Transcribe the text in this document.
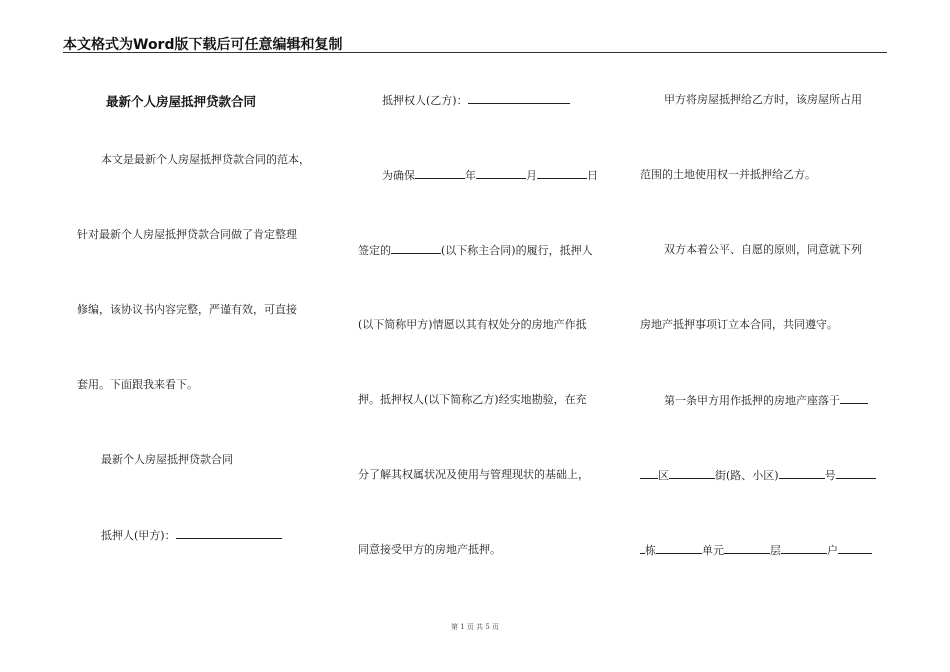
本文格式为Word版下载后可任意编辑和复制
最新个人房屋抵押贷款合同
本文是最新个人房屋抵押贷款合同的范本，
针对最新个人房屋抵押贷款合同做了肯定整理
修编，该协议书内容完整，严谨有效，可直接
套用。下面跟我来看下。
最新个人房屋抵押贷款合同
抵押人(甲方)：
抵押权人(乙方)：
为确保	年	月	日
签定的	(以下称主合同)的履行，抵押人
(以下简称甲方)情愿以其有权处分的房地产作抵
押。抵押权人(以下简称乙方)经实地勘验，在充
分了解其权属状况及使用与管理现状的基础上，
同意接受甲方的房地产抵押。
甲方将房屋抵押给乙方时，该房屋所占用
范围的土地使用权一并抵押给乙方。
双方本着公平、自愿的原则，同意就下列
房地产抵押事项订立本合同，共同遵守。
第一条甲方用作抵押的房地产座落于
区	街(路、小区)	号
栋	单元	层	户
第 1 页 共 5 页
